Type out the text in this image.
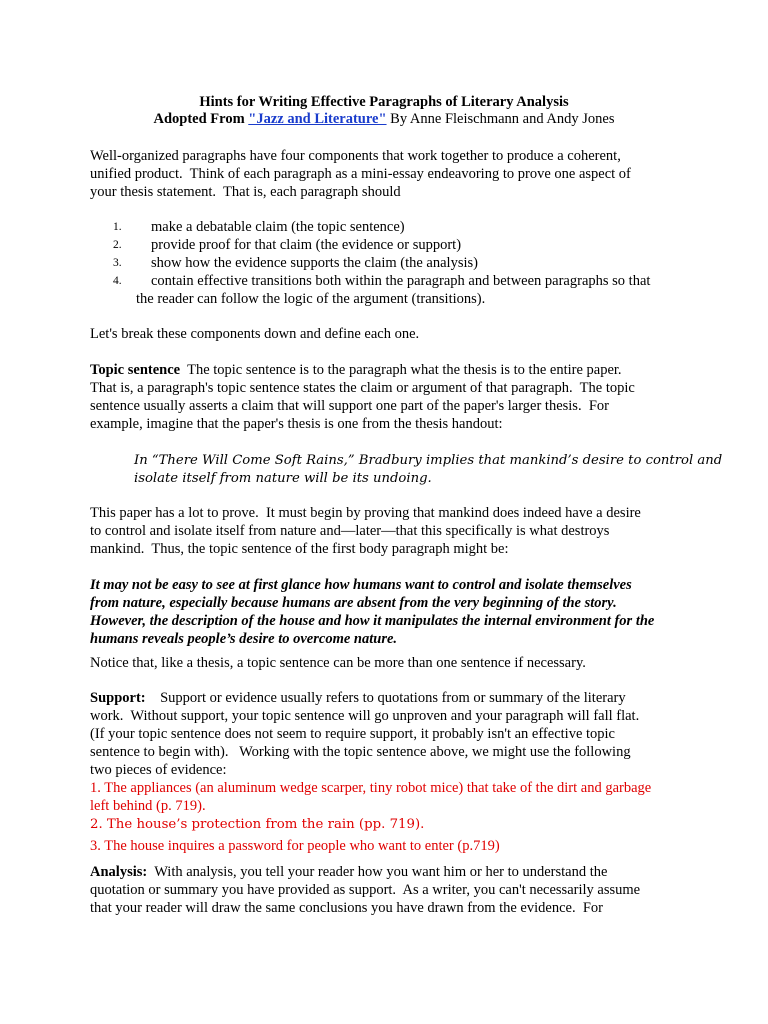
Hints for Writing Effective Paragraphs of Literary Analysis

Adopted From "Jazz and Literature" By Anne Fleischmann and Andy Jones

Well-organized paragraphs have four components that work together to produce a coherent,

unified product.  Think of each paragraph as a mini-essay endeavoring to prove one aspect of

your thesis statement.  That is, each paragraph should

1. make a debatable claim (the topic sentence)
2. provide proof for that claim (the evidence or support)
3. show how the evidence supports the claim (the analysis)
4. contain effective transitions both within the paragraph and between paragraphs so that
the reader can follow the logic of the argument (transitions).

Let's break these components down and define each one.

Topic sentence  The topic sentence is to the paragraph what the thesis is to the entire paper.

That is, a paragraph's topic sentence states the claim or argument of that paragraph.  The topic

sentence usually asserts a claim that will support one part of the paper's larger thesis.  For

example, imagine that the paper's thesis is one from the thesis handout:

In “There Will Come Soft Rains,” Bradbury implies that mankind’s desire to control and

isolate itself from nature will be its undoing.

This paper has a lot to prove.  It must begin by proving that mankind does indeed have a desire

to control and isolate itself from nature and—later—that this specifically is what destroys

mankind.  Thus, the topic sentence of the first body paragraph might be:

It may not be easy to see at first glance how humans want to control and isolate themselves

from nature, especially because humans are absent from the very beginning of the story.

However, the description of the house and how it manipulates the internal environment for the

humans reveals people’s desire to overcome nature.

Notice that, like a thesis, a topic sentence can be more than one sentence if necessary.

Support:    Support or evidence usually refers to quotations from or summary of the literary

work.  Without support, your topic sentence will go unproven and your paragraph will fall flat.

(If your topic sentence does not seem to require support, it probably isn't an effective topic

sentence to begin with).   Working with the topic sentence above, we might use the following

two pieces of evidence:

1. The appliances (an aluminum wedge scarper, tiny robot mice) that take of the dirt and garbage

left behind (p. 719).

2. The house’s protection from the rain (pp. 719).

3. The house inquires a password for people who want to enter (p.719)

Analysis:  With analysis, you tell your reader how you want him or her to understand the

quotation or summary you have provided as support.  As a writer, you can't necessarily assume

that your reader will draw the same conclusions you have drawn from the evidence.  For
